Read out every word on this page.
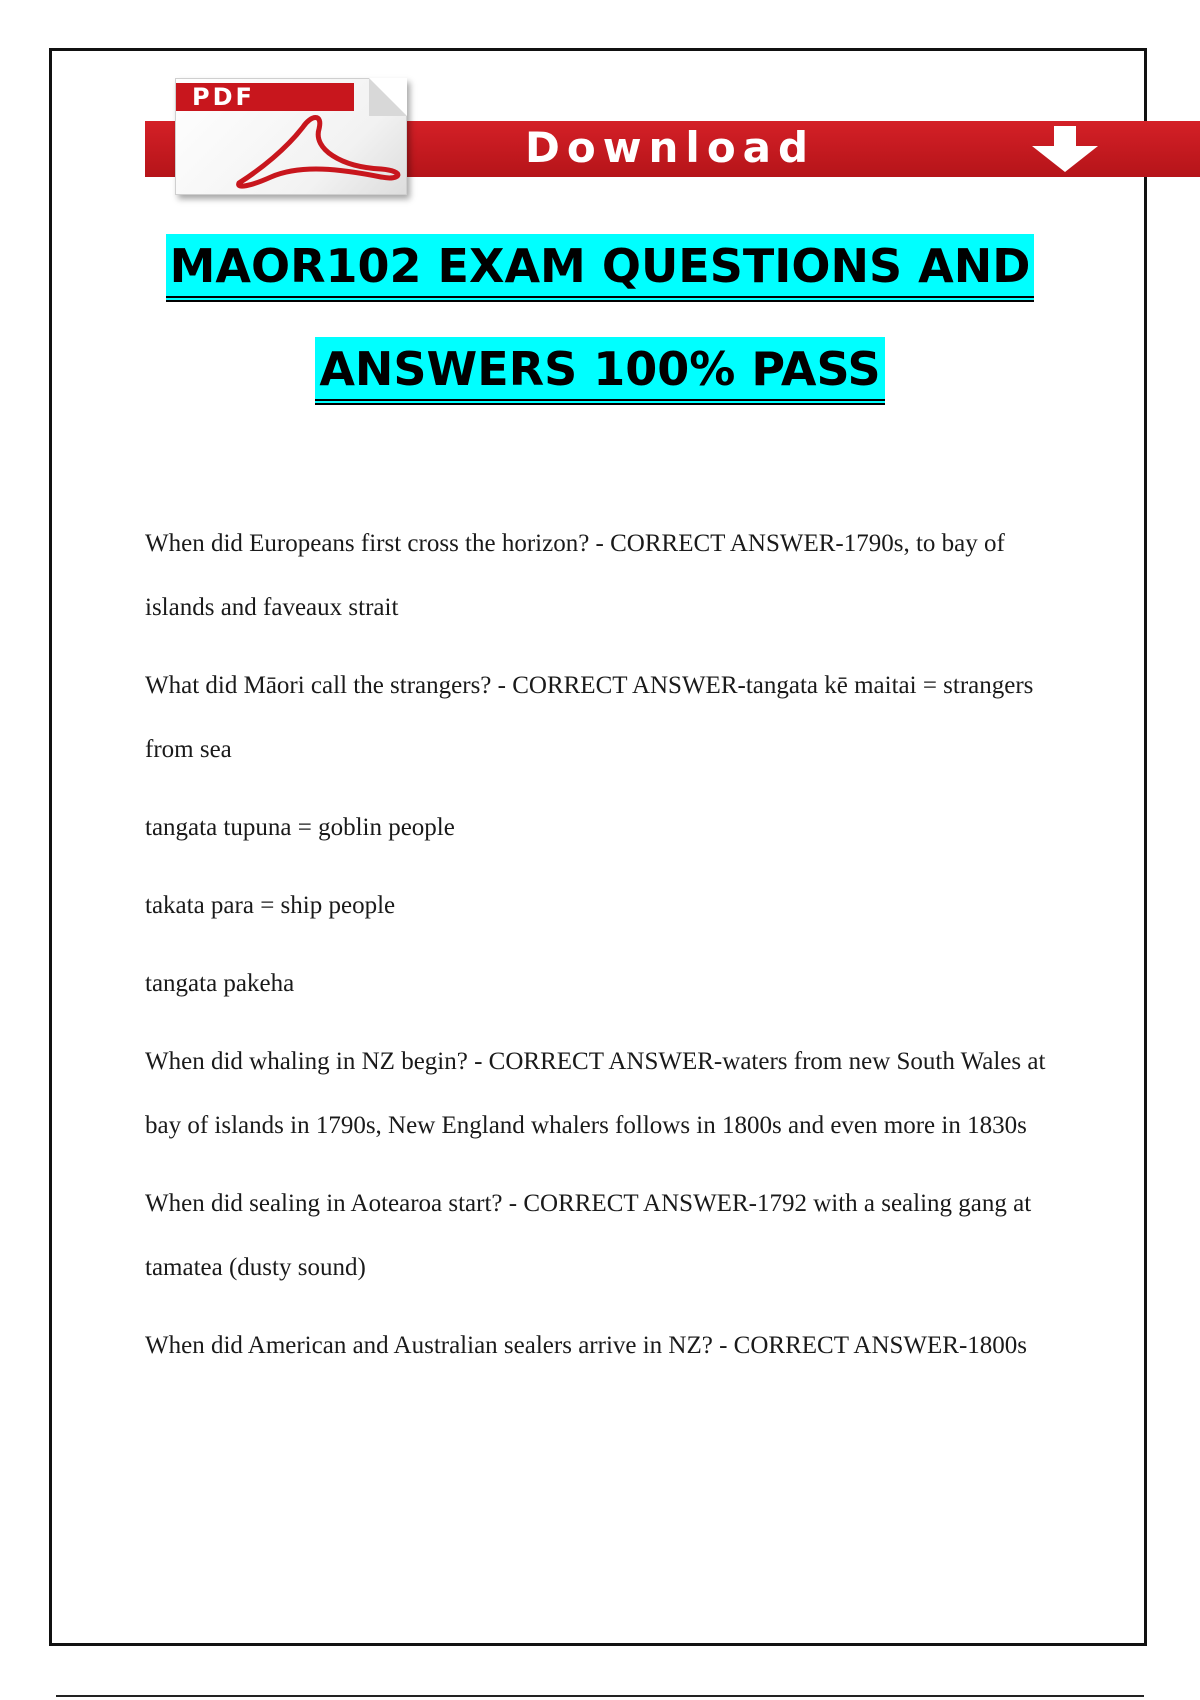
PDF
Download
MAOR102 EXAM QUESTIONS AND
ANSWERS 100% PASS

When did Europeans first cross the horizon? - CORRECT ANSWER-1790s, to bay of islands and faveaux strait

What did Māori call the strangers? - CORRECT ANSWER-tangata kē maitai = strangers from sea

tangata tupuna = goblin people

takata para = ship people

tangata pakeha

When did whaling in NZ begin? - CORRECT ANSWER-waters from new South Wales at bay of islands in 1790s, New England whalers follows in 1800s and even more in 1830s

When did sealing in Aotearoa start? - CORRECT ANSWER-1792 with a sealing gang at tamatea (dusty sound)

When did American and Australian sealers arrive in NZ? - CORRECT ANSWER-1800s
